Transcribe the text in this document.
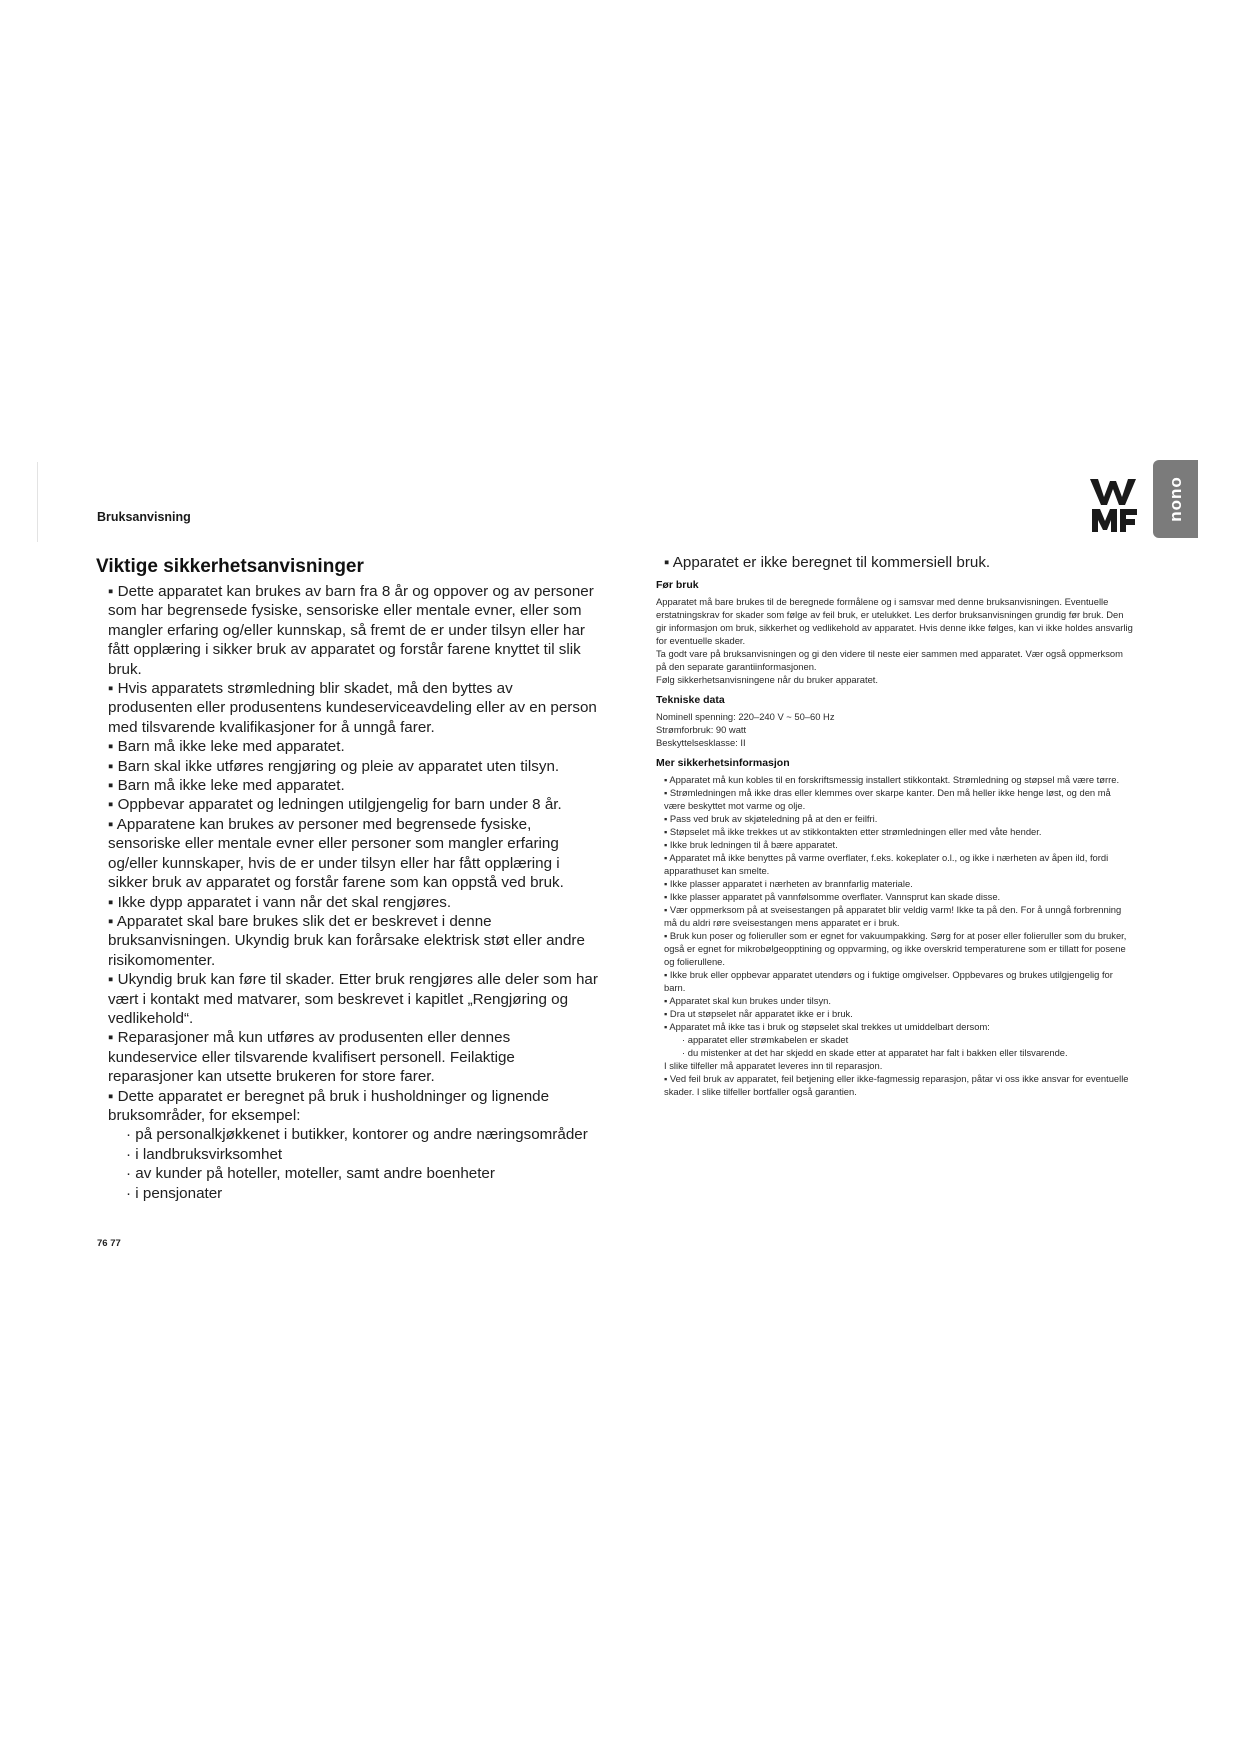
Bruksanvisning	nono
Viktige sikkerhetsanvisninger
▪ Dette apparatet kan brukes av barn fra 8 år og oppover og av personer som har begrensede fysiske, sensoriske eller mentale evner, eller som mangler erfaring og/eller kunnskap, så fremt de er under tilsyn eller har fått opplæring i sikker bruk av apparatet og forstår farene knyttet til slik bruk.
▪ Hvis apparatets strømledning blir skadet, må den byttes av produsenten eller produsentens kundeserviceavdeling eller av en person med tilsvarende kvalifikasjoner for å unngå farer.
▪ Barn må ikke leke med apparatet.
▪ Barn skal ikke utføres rengjøring og pleie av apparatet uten tilsyn.
▪ Barn må ikke leke med apparatet.
▪ Oppbevar apparatet og ledningen utilgjengelig for barn under 8 år.
▪ Apparatene kan brukes av personer med begrensede fysiske, sensoriske eller mentale evner eller personer som mangler erfaring og/eller kunnskaper, hvis de er under tilsyn eller har fått opplæring i sikker bruk av apparatet og forstår farene som kan oppstå ved bruk.
▪ Ikke dypp apparatet i vann når det skal rengjøres.
▪ Apparatet skal bare brukes slik det er beskrevet i denne bruksanvisningen. Ukyndig bruk kan forårsake elektrisk støt eller andre risikomomenter.
▪ Ukyndig bruk kan føre til skader. Etter bruk rengjøres alle deler som har vært i kontakt med matvarer, som beskrevet i kapitlet „Rengjøring og vedlikehold“.
▪ Reparasjoner må kun utføres av produsenten eller dennes kundeservice eller tilsvarende kvalifisert personell. Feilaktige reparasjoner kan utsette brukeren for store farer.
▪ Dette apparatet er beregnet på bruk i husholdninger og lignende bruksområder, for eksempel:
· på personalkjøkkenet i butikker, kontorer og andre næringsområder
· i landbruksvirksomhet
· av kunder på hoteller, moteller, samt andre boenheter
· i pensjonater
76 77
▪ Apparatet er ikke beregnet til kommersiell bruk.
Før bruk
Apparatet må bare brukes til de beregnede formålene og i samsvar med denne bruksanvisningen. Eventuelle erstatningskrav for skader som følge av feil bruk, er utelukket. Les derfor bruksanvisningen grundig før bruk. Den gir informasjon om bruk, sikkerhet og vedlikehold av apparatet. Hvis denne ikke følges, kan vi ikke holdes ansvarlig for eventuelle skader.
Ta godt vare på bruksanvisningen og gi den videre til neste eier sammen med apparatet. Vær også oppmerksom på den separate garantiinformasjonen.
Følg sikkerhetsanvisningene når du bruker apparatet.
Tekniske data
Nominell spenning: 220–240 V ~ 50–60 Hz
Strømforbruk: 90 watt
Beskyttelsesklasse: II
Mer sikkerhetsinformasjon
▪ Apparatet må kun kobles til en forskriftsmessig installert stikkontakt. Strømledning og støpsel må være tørre.
▪ Strømledningen må ikke dras eller klemmes over skarpe kanter. Den må heller ikke henge løst, og den må være beskyttet mot varme og olje.
▪ Pass ved bruk av skjøteledning på at den er feilfri.
▪ Støpselet må ikke trekkes ut av stikkontakten etter strømledningen eller med våte hender.
▪ Ikke bruk ledningen til å bære apparatet.
▪ Apparatet må ikke benyttes på varme overflater, f.eks. kokeplater o.l., og ikke i nærheten av åpen ild, fordi apparathuset kan smelte.
▪ Ikke plasser apparatet i nærheten av brannfarlig materiale.
▪ Ikke plasser apparatet på vannfølsomme overflater. Vannsprut kan skade disse.
▪ Vær oppmerksom på at sveisestangen på apparatet blir veldig varm! Ikke ta på den. For å unngå forbrenning må du aldri røre sveisestangen mens apparatet er i bruk.
▪ Bruk kun poser og folieruller som er egnet for vakuumpakking. Sørg for at poser eller folieruller som du bruker, også er egnet for mikrobølgeopptining og oppvarming, og ikke overskrid temperaturene som er tillatt for posene og folierullene.
▪ Ikke bruk eller oppbevar apparatet utendørs og i fuktige omgivelser. Oppbevares og brukes utilgjengelig for barn.
▪ Apparatet skal kun brukes under tilsyn.
▪ Dra ut støpselet når apparatet ikke er i bruk.
▪ Apparatet må ikke tas i bruk og støpselet skal trekkes ut umiddelbart dersom:
· apparatet eller strømkabelen er skadet
· du mistenker at det har skjedd en skade etter at apparatet har falt i bakken eller tilsvarende.
I slike tilfeller må apparatet leveres inn til reparasjon.
▪ Ved feil bruk av apparatet, feil betjening eller ikke-fagmessig reparasjon, påtar vi oss ikke ansvar for eventuelle skader. I slike tilfeller bortfaller også garantien.
